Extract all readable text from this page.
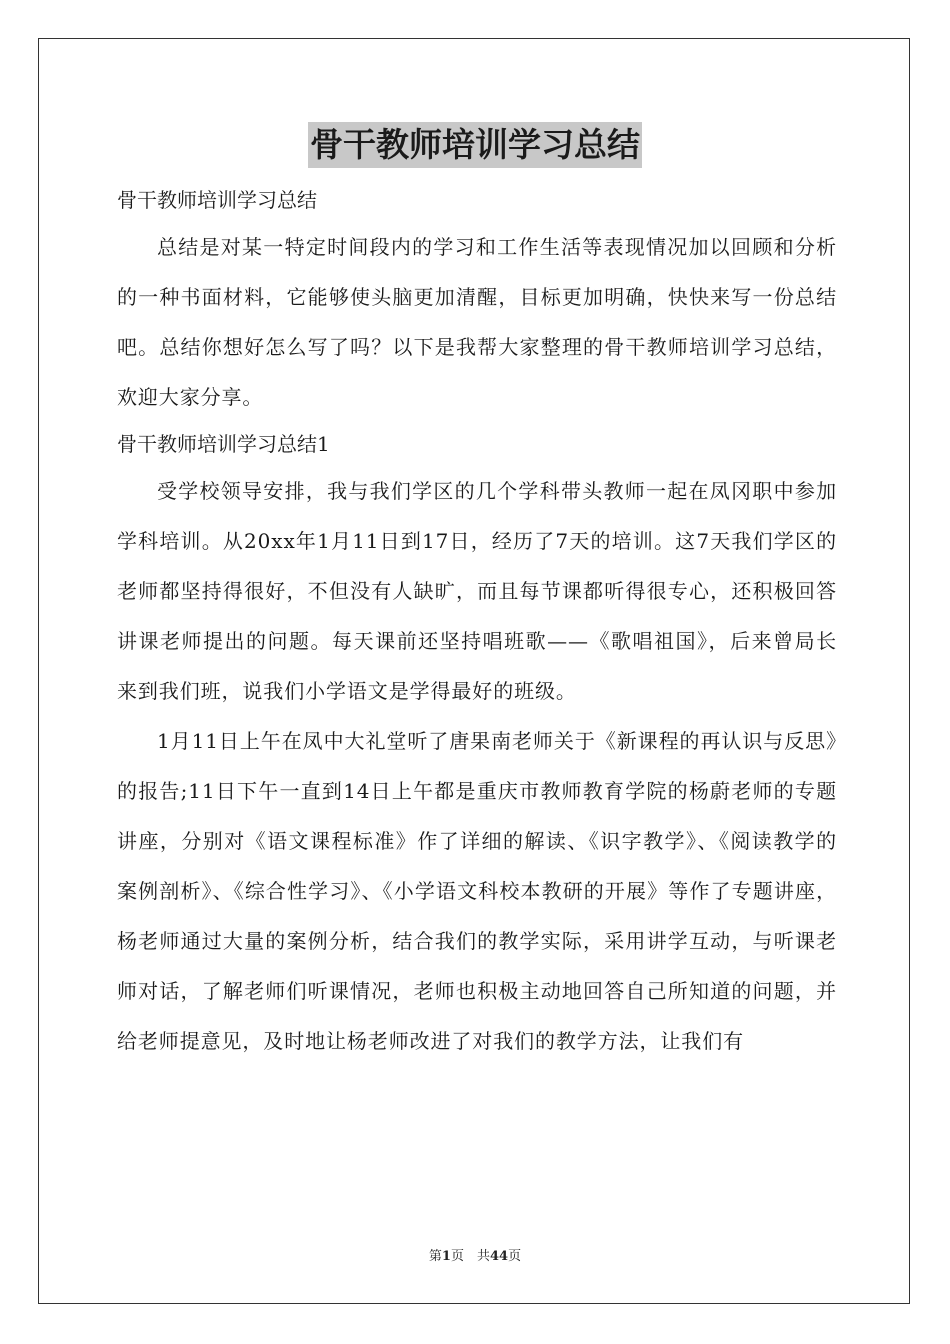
骨干教师培训学习总结

骨干教师培训学习总结

总结是对某一特定时间段内的学习和工作生活等表现情况加以回顾和分析的一种书面材料，它能够使头脑更加清醒，目标更加明确，快快来写一份总结吧。总结你想好怎么写了吗？以下是我帮大家整理的骨干教师培训学习总结，欢迎大家分享。

骨干教师培训学习总结1

受学校领导安排，我与我们学区的几个学科带头教师一起在凤冈职中参加学科培训。从20xx年1月11日到17日，经历了7天的培训。这7天我们学区的老师都坚持得很好，不但没有人缺旷，而且每节课都听得很专心，还积极回答讲课老师提出的问题。每天课前还坚持唱班歌——《歌唱祖国》，后来曾局长来到我们班，说我们小学语文是学得最好的班级。

1月11日上午在凤中大礼堂听了唐果南老师关于《新课程的再认识与反思》的报告;11日下午一直到14日上午都是重庆市教师教育学院的杨蔚老师的专题讲座，分别对《语文课程标准》作了详细的解读、《识字教学》、《阅读教学的案例剖析》、《综合性学习》、《小学语文科校本教研的开展》等作了专题讲座，杨老师通过大量的案例分析，结合我们的教学实际，采用讲学互动，与听课老师对话，了解老师们听课情况，老师也积极主动地回答自己所知道的问题，并给老师提意见，及时地让杨老师改进了对我们的教学方法，让我们有

第1页　共44页
